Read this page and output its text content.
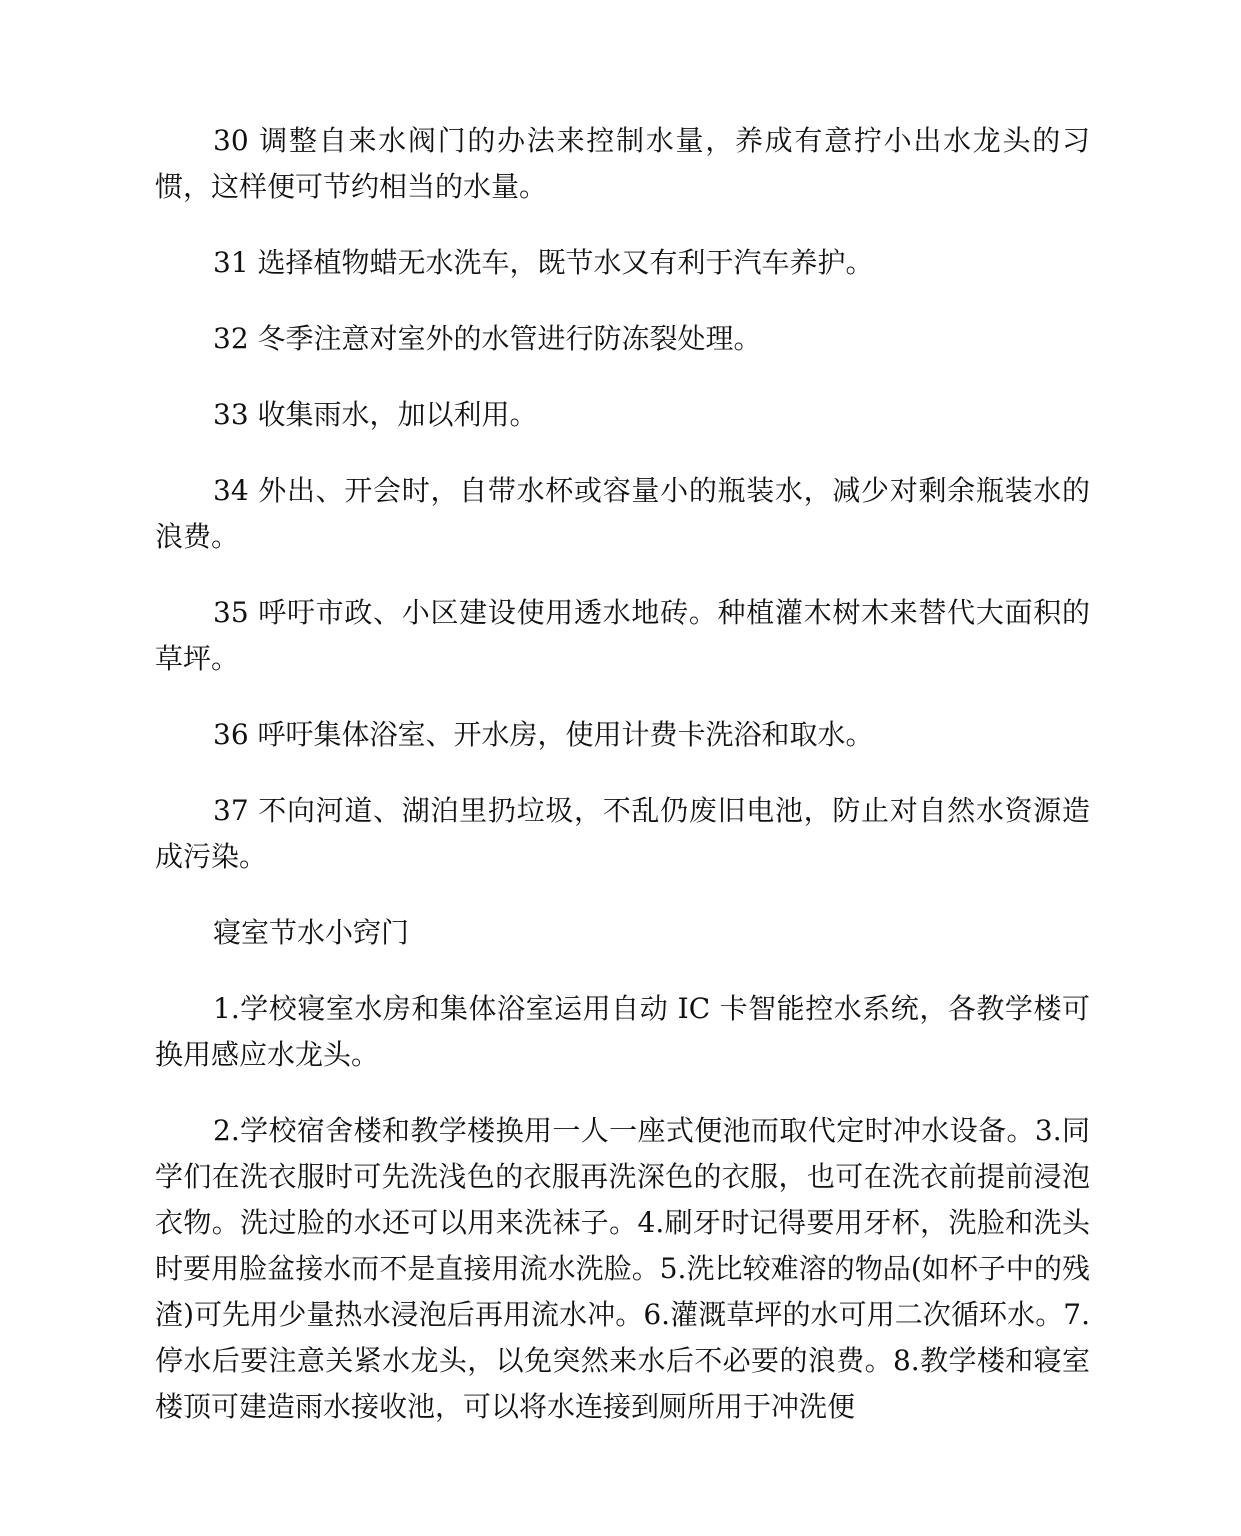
30 调整自来水阀门的办法来控制水量，养成有意拧小出水龙头的习惯，这样便可节约相当的水量。

31 选择植物蜡无水洗车，既节水又有利于汽车养护。

32 冬季注意对室外的水管进行防冻裂处理。

33 收集雨水，加以利用。

34 外出、开会时，自带水杯或容量小的瓶装水，减少对剩余瓶装水的浪费。

35 呼吁市政、小区建设使用透水地砖。种植灌木树木来替代大面积的草坪。

36 呼吁集体浴室、开水房，使用计费卡洗浴和取水。

37 不向河道、湖泊里扔垃圾，不乱仍废旧电池，防止对自然水资源造成污染。

寝室节水小窍门

1.学校寝室水房和集体浴室运用自动 IC 卡智能控水系统，各教学楼可换用感应水龙头。

2.学校宿舍楼和教学楼换用一人一座式便池而取代定时冲水设备。3.同学们在洗衣服时可先洗浅色的衣服再洗深色的衣服，也可在洗衣前提前浸泡衣物。洗过脸的水还可以用来洗袜子。4.刷牙时记得要用牙杯，洗脸和洗头时要用脸盆接水而不是直接用流水洗脸。5.洗比较难溶的物品(如杯子中的残渣)可先用少量热水浸泡后再用流水冲。6.灌溉草坪的水可用二次循环水。7.停水后要注意关紧水龙头，以免突然来水后不必要的浪费。8.教学楼和寝室楼顶可建造雨水接收池，可以将水连接到厕所用于冲洗便
